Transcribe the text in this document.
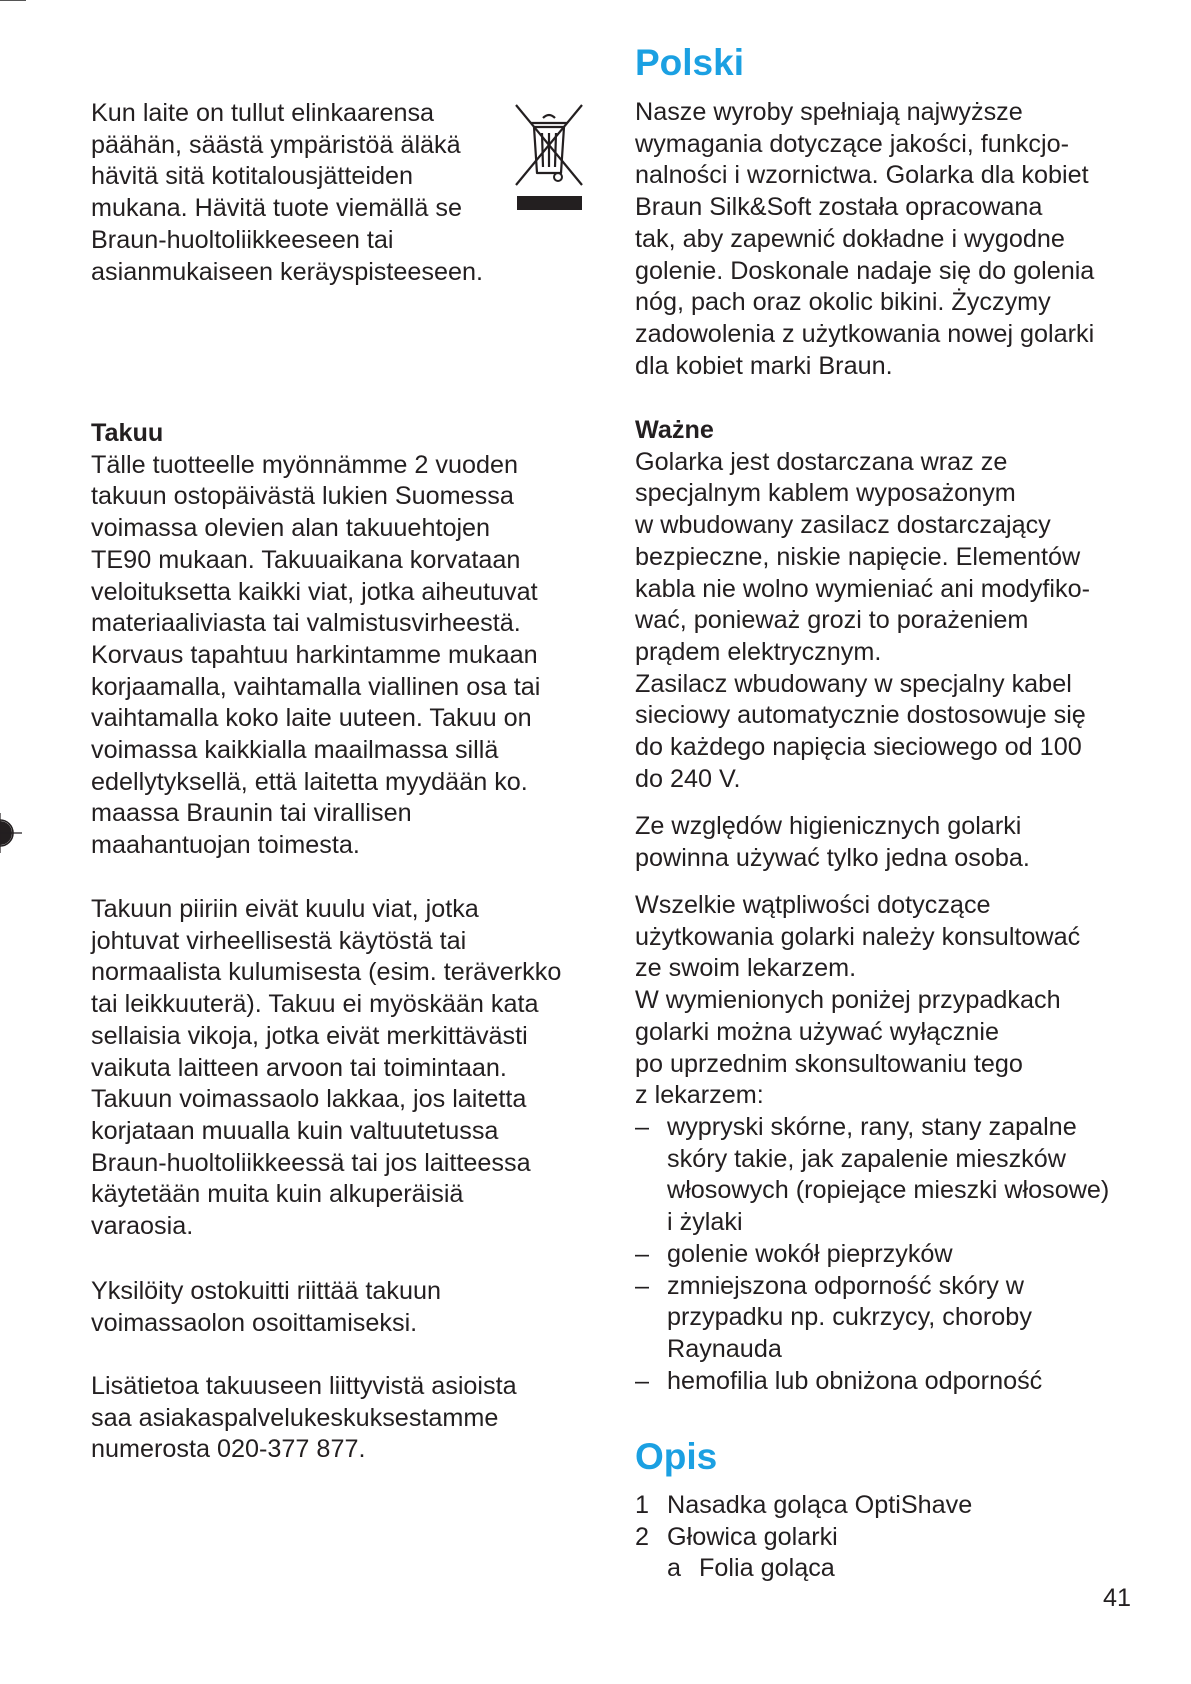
Kun laite on tullut elinkaarensa
päähän, säästä ympäristöä äläkä
hävitä sitä kotitalousjätteiden
mukana. Hävitä tuote viemällä se
Braun-huoltoliikkeeseen tai
asianmukaiseen keräyspisteeseen.
Takuu
Tälle tuotteelle myönnämme 2 vuoden
takuun ostopäivästä lukien Suomessa
voimassa olevien alan takuuehtojen
TE90 mukaan. Takuuaikana korvataan
veloituksetta kaikki viat, jotka aiheutuvat
materiaaliviasta tai valmistusvirheestä.
Korvaus tapahtuu harkintamme mukaan
korjaamalla, vaihtamalla viallinen osa tai
vaihtamalla koko laite uuteen. Takuu on
voimassa kaikkialla maailmassa sillä
edellytyksellä, että laitetta myydään ko.
maassa Braunin tai virallisen
maahantuojan toimesta.
Takuun piiriin eivät kuulu viat, jotka
johtuvat virheellisestä käytöstä tai
normaalista kulumisesta (esim. teräverkko
tai leikkuuterä). Takuu ei myöskään kata
sellaisia vikoja, jotka eivät merkittävästi
vaikuta laitteen arvoon tai toimintaan.
Takuun voimassaolo lakkaa, jos laitetta
korjataan muualla kuin valtuutetussa
Braun-huoltoliikkeessä tai jos laitteessa
käytetään muita kuin alkuperäisiä
varaosia.
Yksilöity ostokuitti riittää takuun
voimassaolon osoittamiseksi.
Lisätietoa takuuseen liittyvistä asioista
saa asiakaspalvelukeskuksestamme
numerosta 020-377 877.
Polski
Nasze wyroby spełniają najwyższe
wymagania dotyczące jakości, funkcjo-
nalności i wzornictwa. Golarka dla kobiet
Braun Silk&Soft została opracowana
tak, aby zapewnić dokładne i wygodne
golenie. Doskonale nadaje się do golenia
nóg, pach oraz okolic bikini. Życzymy
zadowolenia z użytkowania nowej golarki
dla kobiet marki Braun.
Ważne
Golarka jest dostarczana wraz ze
specjalnym kablem wyposażonym
w wbudowany zasilacz dostarczający
bezpieczne, niskie napięcie. Elementów
kabla nie wolno wymieniać ani modyfiko-
wać, ponieważ grozi to porażeniem
prądem elektrycznym.
Zasilacz wbudowany w specjalny kabel
sieciowy automatycznie dostosowuje się
do każdego napięcia sieciowego od 100
do 240 V.
Ze względów higienicznych golarki
powinna używać tylko jedna osoba.
Wszelkie wątpliwości dotyczące
użytkowania golarki należy konsultować
ze swoim lekarzem.
W wymienionych poniżej przypadkach
golarki można używać wyłącznie
po uprzednim skonsultowaniu tego
z lekarzem:
– wypryski skórne, rany, stany zapalne
skóry takie, jak zapalenie mieszków
włosowych (ropiejące mieszki włosowe)
i żylaki
– golenie wokół pieprzyków
– zmniejszona odporność skóry w
przypadku np. cukrzycy, choroby
Raynauda
– hemofilia lub obniżona odporność
Opis
1 Nasadka goląca OptiShave
2 Głowica golarki
a Folia goląca
41
